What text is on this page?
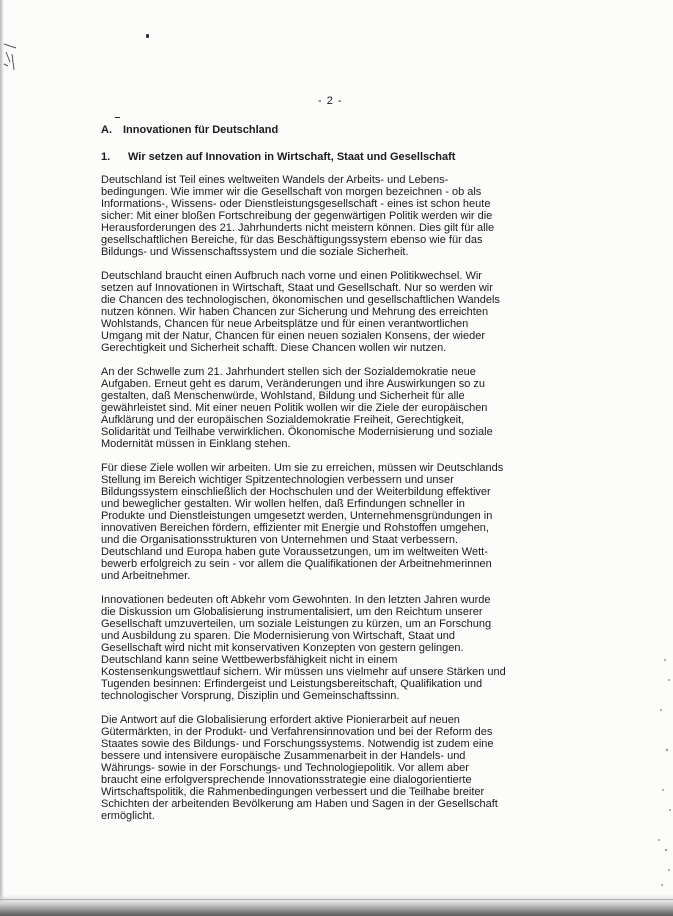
- 2 -
A. Innovationen für Deutschland
1. Wir setzen auf Innovation in Wirtschaft, Staat und Gesellschaft

Deutschland ist Teil eines weltweiten Wandels der Arbeits- und Lebens-
bedingungen. Wie immer wir die Gesellschaft von morgen bezeichnen - ob als
Informations-, Wissens- oder Dienstleistungsgesellschaft - eines ist schon heute
sicher: Mit einer bloßen Fortschreibung der gegenwärtigen Politik werden wir die
Herausforderungen des 21. Jahrhunderts nicht meistern können. Dies gilt für alle
gesellschaftlichen Bereiche, für das Beschäftigungssystem ebenso wie für das
Bildungs- und Wissenschaftssystem und die soziale Sicherheit.

Deutschland braucht einen Aufbruch nach vorne und einen Politikwechsel. Wir
setzen auf Innovationen in Wirtschaft, Staat und Gesellschaft. Nur so werden wir
die Chancen des technologischen, ökonomischen und gesellschaftlichen Wandels
nutzen können. Wir haben Chancen zur Sicherung und Mehrung des erreichten
Wohlstands, Chancen für neue Arbeitsplätze und für einen verantwortlichen
Umgang mit der Natur, Chancen für einen neuen sozialen Konsens, der wieder
Gerechtigkeit und Sicherheit schafft. Diese Chancen wollen wir nutzen.

An der Schwelle zum 21. Jahrhundert stellen sich der Sozialdemokratie neue
Aufgaben. Erneut geht es darum, Veränderungen und ihre Auswirkungen so zu
gestalten, daß Menschenwürde, Wohlstand, Bildung und Sicherheit für alle
gewährleistet sind. Mit einer neuen Politik wollen wir die Ziele der europäischen
Aufklärung und der europäischen Sozialdemokratie Freiheit, Gerechtigkeit,
Solidarität und Teilhabe verwirklichen. Ökonomische Modernisierung und soziale
Modernität müssen in Einklang stehen.

Für diese Ziele wollen wir arbeiten. Um sie zu erreichen, müssen wir Deutschlands
Stellung im Bereich wichtiger Spitzentechnologien verbessern und unser
Bildungssystem einschließlich der Hochschulen und der Weiterbildung effektiver
und beweglicher gestalten. Wir wollen helfen, daß Erfindungen schneller in
Produkte und Dienstleistungen umgesetzt werden, Unternehmensgründungen in
innovativen Bereichen fördern, effizienter mit Energie und Rohstoffen umgehen,
und die Organisationsstrukturen von Unternehmen und Staat verbessern.
Deutschland und Europa haben gute Voraussetzungen, um im weltweiten Wett-
bewerb erfolgreich zu sein - vor allem die Qualifikationen der Arbeitnehmerinnen
und Arbeitnehmer.

Innovationen bedeuten oft Abkehr vom Gewohnten. In den letzten Jahren wurde
die Diskussion um Globalisierung instrumentalisiert, um den Reichtum unserer
Gesellschaft umzuverteilen, um soziale Leistungen zu kürzen, um an Forschung
und Ausbildung zu sparen. Die Modernisierung von Wirtschaft, Staat und
Gesellschaft wird nicht mit konservativen Konzepten von gestern gelingen.
Deutschland kann seine Wettbewerbsfähigkeit nicht in einem
Kostensenkungswettlauf sichern. Wir müssen uns vielmehr auf unsere Stärken und
Tugenden besinnen: Erfindergeist und Leistungsbereitschaft, Qualifikation und
technologischer Vorsprung, Disziplin und Gemeinschaftssinn.

Die Antwort auf die Globalisierung erfordert aktive Pionierarbeit auf neuen
Gütermärkten, in der Produkt- und Verfahrensinnovation und bei der Reform des
Staates sowie des Bildungs- und Forschungssystems. Notwendig ist zudem eine
bessere und intensivere europäische Zusammenarbeit in der Handels- und
Währungs- sowie in der Forschungs- und Technologiepolitik. Vor allem aber
braucht eine erfolgversprechende Innovationsstrategie eine dialogorientierte
Wirtschaftspolitik, die Rahmenbedingungen verbessert und die Teilhabe breiter
Schichten der arbeitenden Bevölkerung am Haben und Sagen in der Gesellschaft
ermöglicht.
